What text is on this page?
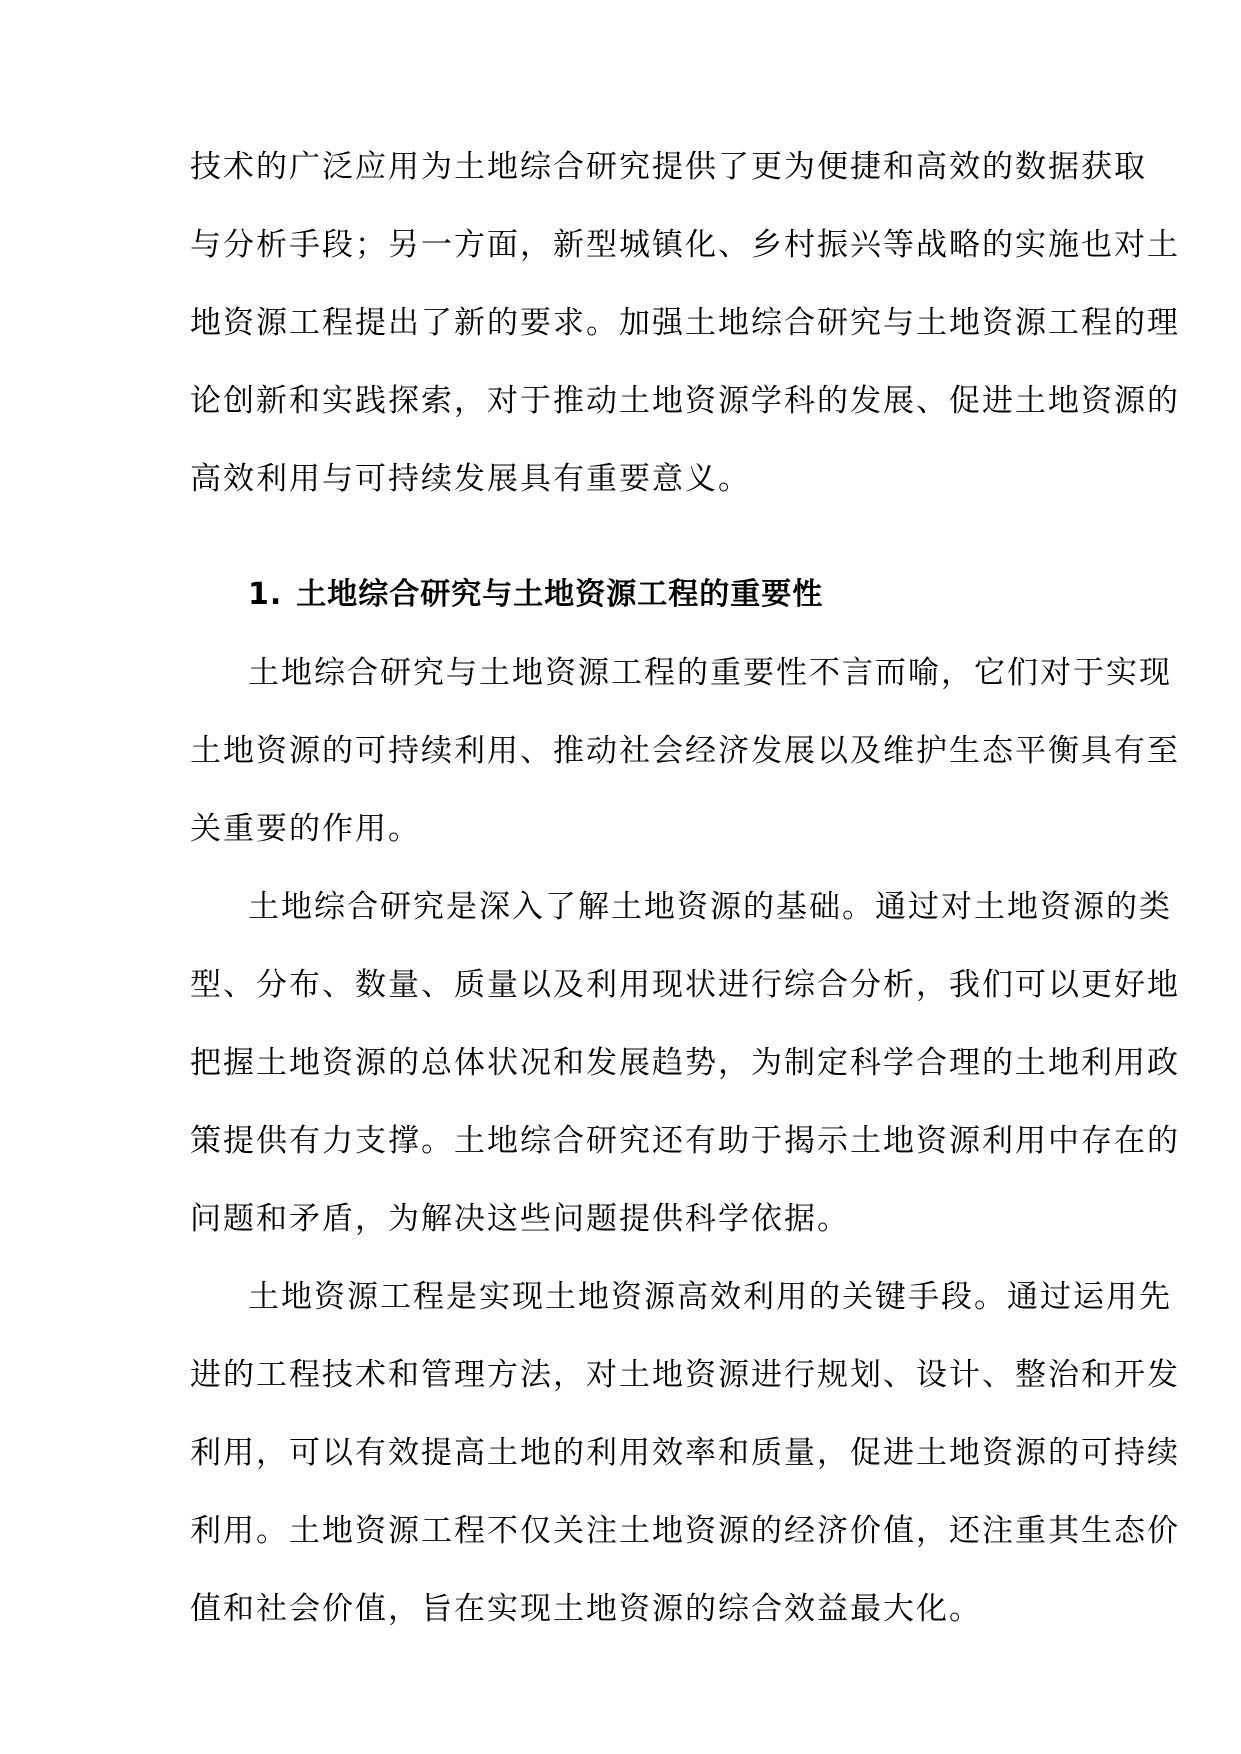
技术的广泛应用为土地综合研究提供了更为便捷和高效的数据获取
与分析手段；另一方面，新型城镇化、乡村振兴等战略的实施也对土
地资源工程提出了新的要求。加强土地综合研究与土地资源工程的理
论创新和实践探索，对于推动土地资源学科的发展、促进土地资源的
高效利用与可持续发展具有重要意义。
1. 土地综合研究与土地资源工程的重要性
土地综合研究与土地资源工程的重要性不言而喻，它们对于实现
土地资源的可持续利用、推动社会经济发展以及维护生态平衡具有至
关重要的作用。
土地综合研究是深入了解土地资源的基础。通过对土地资源的类
型、分布、数量、质量以及利用现状进行综合分析，我们可以更好地
把握土地资源的总体状况和发展趋势，为制定科学合理的土地利用政
策提供有力支撑。土地综合研究还有助于揭示土地资源利用中存在的
问题和矛盾，为解决这些问题提供科学依据。
土地资源工程是实现土地资源高效利用的关键手段。通过运用先
进的工程技术和管理方法，对土地资源进行规划、设计、整治和开发
利用，可以有效提高土地的利用效率和质量，促进土地资源的可持续
利用。土地资源工程不仅关注土地资源的经济价值，还注重其生态价
值和社会价值，旨在实现土地资源的综合效益最大化。
